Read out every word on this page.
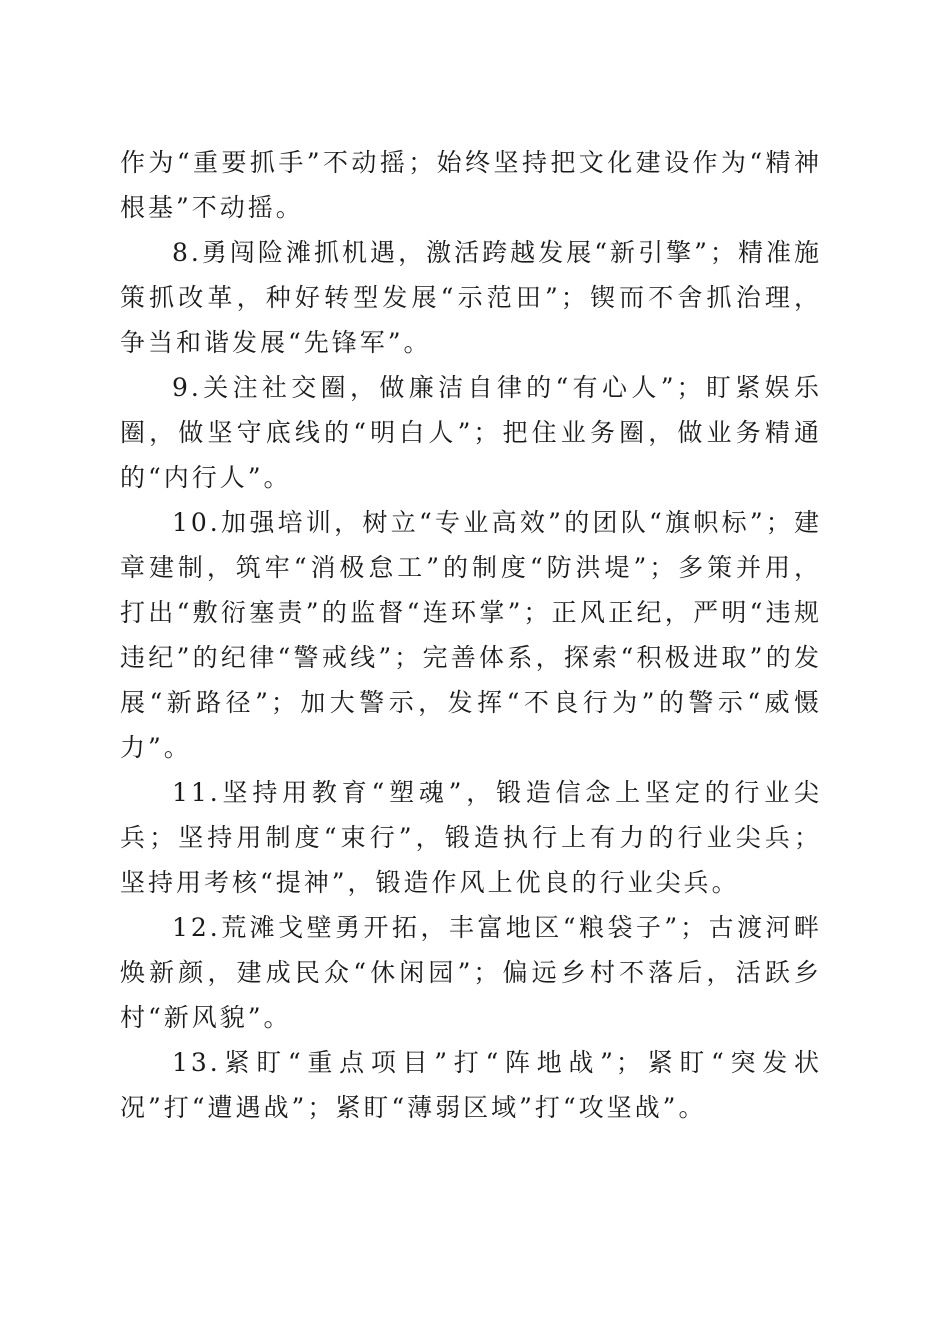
作为“重要抓手”不动摇；始终坚持把文化建设作为“精神根基”不动摇。

8.勇闯险滩抓机遇，激活跨越发展“新引擎”；精准施策抓改革，种好转型发展“示范田”；锲而不舍抓治理，争当和谐发展“先锋军”。

9.关注社交圈，做廉洁自律的“有心人”；盯紧娱乐圈，做坚守底线的“明白人”；把住业务圈，做业务精通的“内行人”。

10.加强培训，树立“专业高效”的团队“旗帜标”；建章建制，筑牢“消极怠工”的制度“防洪堤”；多策并用，打出“敷衍塞责”的监督“连环掌”；正风正纪，严明“违规违纪”的纪律“警戒线”；完善体系，探索“积极进取”的发展“新路径”；加大警示，发挥“不良行为”的警示“威慑力”。

11.坚持用教育“塑魂”，锻造信念上坚定的行业尖兵；坚持用制度“束行”，锻造执行上有力的行业尖兵；坚持用考核“提神”，锻造作风上优良的行业尖兵。

12.荒滩戈壁勇开拓，丰富地区“粮袋子”；古渡河畔焕新颜，建成民众“休闲园”；偏远乡村不落后，活跃乡村“新风貌”。

13.紧盯“重点项目”打“阵地战”；紧盯“突发状况”打“遭遇战”；紧盯“薄弱区域”打“攻坚战”。
